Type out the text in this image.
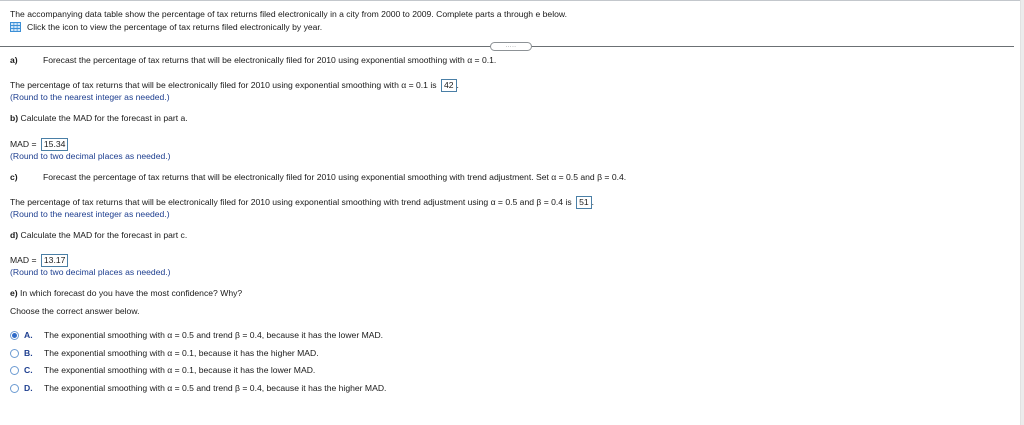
The accompanying data table show the percentage of tax returns filed electronically in a city from 2000 to 2009. Complete parts a through e below.
Click the icon to view the percentage of tax returns filed electronically by year.
.....
a)	Forecast the percentage of tax returns that will be electronically filed for 2010 using exponential smoothing with α = 0.1.
The percentage of tax returns that will be electronically filed for 2010 using exponential smoothing with α = 0.1 is 42 .
(Round to the nearest integer as needed.)
b) Calculate the MAD for the forecast in part a.
MAD = 15.34
(Round to two decimal places as needed.)
c)	Forecast the percentage of tax returns that will be electronically filed for 2010 using exponential smoothing with trend adjustment. Set α = 0.5 and β = 0.4.
The percentage of tax returns that will be electronically filed for 2010 using exponential smoothing with trend adjustment using α = 0.5 and β = 0.4 is 51 .
(Round to the nearest integer as needed.)
d) Calculate the MAD for the forecast in part c.
MAD = 13.17
(Round to two decimal places as needed.)
e) In which forecast do you have the most confidence? Why?
Choose the correct answer below.
A.	The exponential smoothing with α = 0.5 and trend β = 0.4, because it has the lower MAD.
B.	The exponential smoothing with α = 0.1, because it has the higher MAD.
C.	The exponential smoothing with α = 0.1, because it has the lower MAD.
D.	The exponential smoothing with α = 0.5 and trend β = 0.4, because it has the higher MAD.
